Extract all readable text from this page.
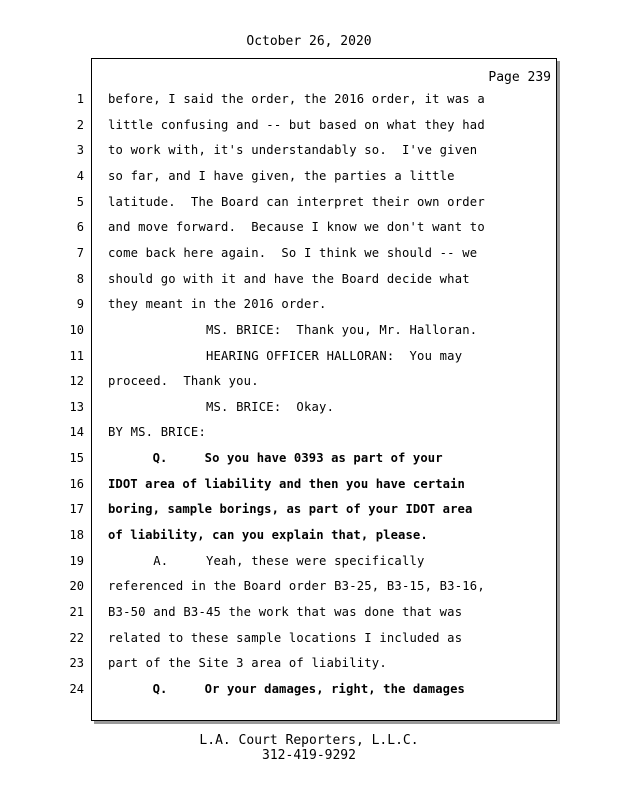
October 26, 2020
Page 239
1 before, I said the order, the 2016 order, it was a
2 little confusing and -- but based on what they had
3 to work with, it's understandably so.  I've given
4 so far, and I have given, the parties a little
5 latitude.  The Board can interpret their own order
6 and move forward.  Because I know we don't want to
7 come back here again.  So I think we should -- we
8 should go with it and have the Board decide what
9 they meant in the 2016 order.
10 MS. BRICE:  Thank you, Mr. Halloran.
11 HEARING OFFICER HALLORAN:  You may
12 proceed.  Thank you.
13 MS. BRICE:  Okay.
14 BY MS. BRICE:
15 Q.     So you have 0393 as part of your
16 IDOT area of liability and then you have certain
17 boring, sample borings, as part of your IDOT area
18 of liability, can you explain that, please.
19 A.     Yeah, these were specifically
20 referenced in the Board order B3-25, B3-15, B3-16,
21 B3-50 and B3-45 the work that was done that was
22 related to these sample locations I included as
23 part of the Site 3 area of liability.
24 Q.     Or your damages, right, the damages
L.A. Court Reporters, L.L.C.
312-419-9292
